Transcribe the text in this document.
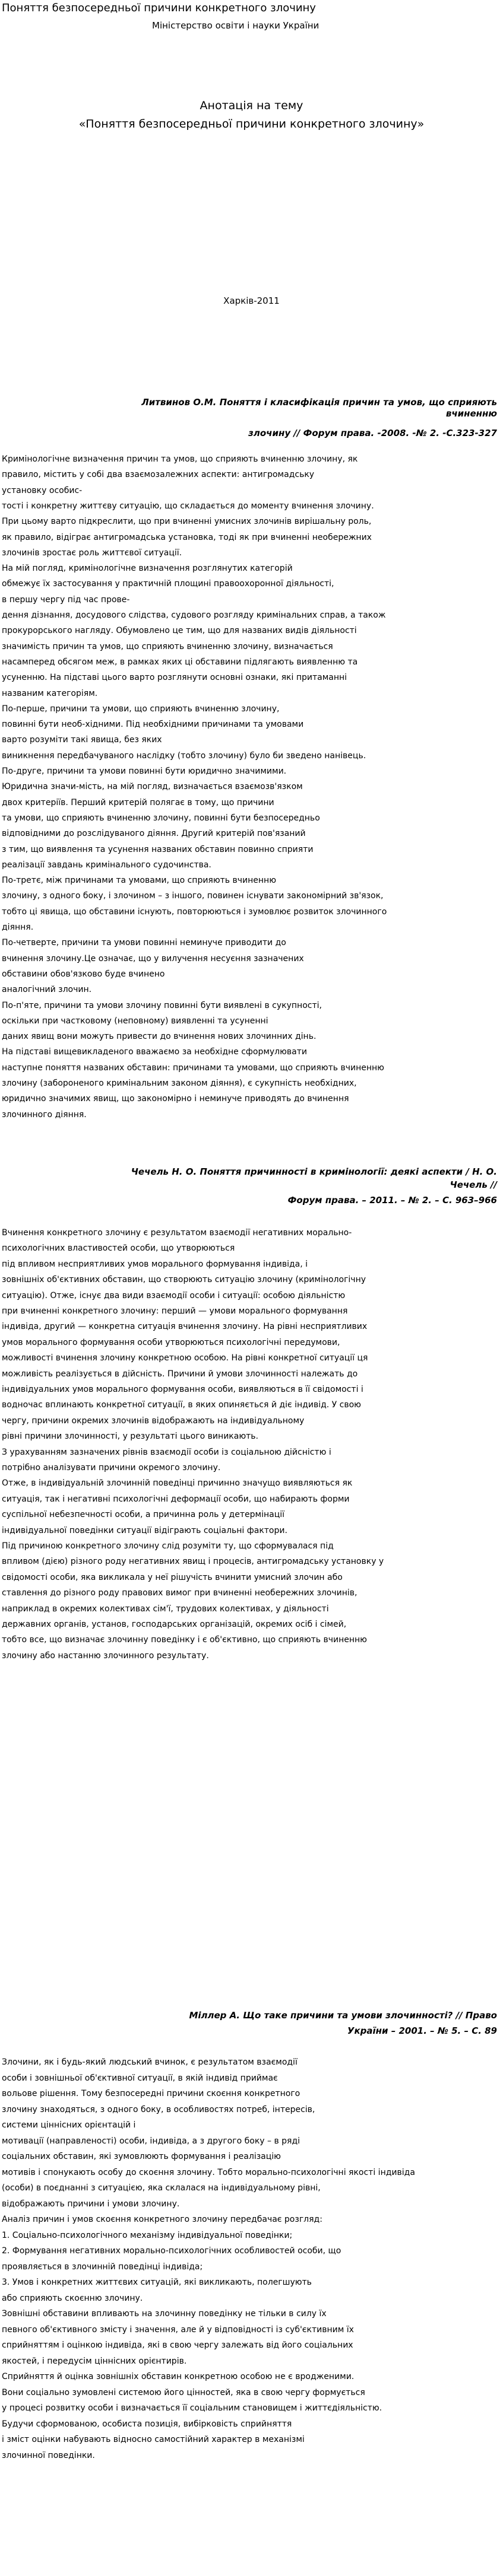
Поняття безпосередньої причини конкретного злочину
Міністерство освіти і науки України
Анотація на тему
«Поняття безпосередньої причини конкретного злочину»
Харків-2011
Литвинов О.М. Поняття і класифікація причин та умов, що сприяють
вчиненню
злочину // Форум права. -2008. -№ 2. -С.323-327
Кримінологічне визначення причин та умов, що сприяють вчиненню злочину, як
правило, містить у собі два взаємозалежних аспекти: антигромадську
установку особис-
тості і конкретну життєву ситуацію, що складається до моменту вчинення злочину.
При цьому варто підкреслити, що при вчиненні умисних злочинів вирішальну роль,
як правило, відіграє антигромадська установка, тоді як при вчиненні необережних
злочинів зростає роль життєвої ситуації.
На мій погляд, кримінологічне визначення розглянутих категорій
обмежує їх застосування у практичній площині правоохоронної діяльності,
в першу чергу під час прове-
дення дізнання, досудового слідства, судового розгляду кримінальних справ, а також
прокурорського нагляду. Обумовлено це тим, що для названих видів діяльності
значимість причин та умов, що сприяють вчиненню злочину, визначається
насамперед обсягом меж, в рамках яких ці обставини підлягають виявленню та
усуненню. На підставі цього варто розглянути основні ознаки, які притаманні
названим категоріям.
По-перше, причини та умови, що сприяють вчиненню злочину,
повинні бути необ-хідними. Під необхідними причинами та умовами
варто розуміти такі явища, без яких
виникнення передбачуваного наслідку (тобто злочину) було би зведено нанівець.
По-друге, причини та умови повинні бути юридично значимими.
Юридична значи-мість, на мій погляд, визначається взаємозв'язком
двох критеріїв. Перший критерій полягає в тому, що причини
та умови, що сприяють вчиненню злочину, повинні бути безпосередньо
відповідними до розслідуваного діяння. Другий критерій пов'язаний
з тим, що виявлення та усунення названих обставин повинно сприяти
реалізації завдань кримінального судочинства.
По-третє, між причинами та умовами, що сприяють вчиненню
злочину, з одного боку, і злочином – з іншого, повинен існувати закономірний зв'язок,
тобто ці явища, що обставини існують, повторюються і зумовлює розвиток злочинного
діяння.
По-четверте, причини та умови повинні неминуче приводити до
вчинення злочину.Це означає, що у вилучення несуєння зазначених
обставини обов'язково буде вчинено
аналогічний злочин.
По-п'яте, причини та умови злочину повинні бути виявлені в сукупності,
оскільки при частковому (неповному) виявленні та усуненні
даних явищ вони можуть привести до вчинення нових злочинних дінь.
На підставі вищевикладеного вважаємо за необхідне сформулювати
наступне поняття названих обставин: причинами та умовами, що сприяють вчиненню
злочину (забороненого кримінальним законом діяння), є сукупність необхідних,
юридично значимих явищ, що закономірно і неминуче приводять до вчинення
злочинного діяння.
Чечель Н. О. Поняття причинності в кримінології: деякі аспекти / Н. О.
Чечель //
Форум права. – 2011. – № 2. – С. 963–966
Вчинення конкретного злочину є результатом взаємодії негативних морально-
психологічних властивостей особи, що утворюються
під впливом несприятливих умов морального формування індивіда, і
зовнішніх об'єктивних обставин, що створюють ситуацію злочину (кримінологічну
ситуацію). Отже, існує два види взаємодії особи і ситуації: особою діяльністю
при вчиненні конкретного злочину: перший — умови морального формування
індивіда, другий — конкретна ситуація вчинення злочину. На рівні несприятливих
умов морального формування особи утворюються психологічні передумови,
можливості вчинення злочину конкретною особою. На рівні конкретної ситуації ця
можливість реалізується в дійсність. Причини й умови злочинності належать до
індивідуальних умов морального формування особи, виявляються в її свідомості і
водночас вплинають конкретної ситуації, в яких опиняється й діє індивід. У свою
чергу, причини окремих злочинів відображають на індивідуальному
рівні причини злочинності, у результаті цього виникають.
З урахуванням зазначених рівнів взаємодії особи із соціальною дійсністю і
потрібно аналізувати причини окремого злочину.
Отже, в індивідуальній злочинній поведінці причинно значущо виявляються як
ситуація, так і негативні психологічні деформації особи, що набирають форми
суспільної небезпечності особи, а причинна роль у детермінації
індивідуальної поведінки ситуації відіграють соціальні фактори.
Під причиною конкретного злочину слід розуміти ту, що сформувалася під
впливом (дією) різного роду негативних явищ і процесів, антигромадську установку у
свідомості особи, яка викликала у неї рішучість вчинити умисний злочин або
ставлення до різного роду правових вимог при вчиненні необережних злочинів,
наприклад в окремих колективах сім'ї, трудових колективах, у діяльності
державних органів, установ, господарських організацій, окремих осіб і сімей,
тобто все, що визначає злочинну поведінку і є об'єктивно, що сприяють вчиненню
злочину або настанню злочинного результату.
Міллер А. Що таке причини та умови злочинності? // Право
України – 2001. – № 5. – С. 89
Злочини, як і будь-який людський вчинок, є результатом взаємодії
особи і зовнішньої об'єктивної ситуації, в якій індивід приймає
вольове рішення. Тому безпосередні причини скоєння конкретного
злочину знаходяться, з одного боку, в особливостях потреб, інтересів,
системи ціннісних орієнтацій і
мотивації (направленості) особи, індивіда, а з другого боку – в ряді
соціальних обставин, які зумовлюють формування і реалізацію
мотивів і спонукають особу до скоєння злочину. Тобто морально-психологічні якості індивіда
(особи) в поєднанні з ситуацією, яка склалася на індивідуальному рівні,
відображають причини і умови злочину.
Аналіз причин і умов скоєння конкретного злочину передбачає розгляд:
1. Соціально-психологічного механізму індивідуальної поведінки;
2. Формування негативних морально-психологічних особливостей особи, що
проявляється в злочинній поведінці індивіда;
3. Умов і конкретних життєвих ситуацій, які викликають, полегшують
або сприяють скоєнню злочину.
Зовнішні обставини впливають на злочинну поведінку не тільки в силу їх
певного об'єктивного змісту і значення, але й у відповідності із суб'єктивним їх
сприйняттям і оцінкою індивіда, які в свою чергу залежать від його соціальних
якостей, і передусім ціннісних орієнтирів.
Сприйняття й оцінка зовнішніх обставин конкретною особою не є вродженими.
Вони соціально зумовлені системою його цінностей, яка в свою чергу формується
у процесі розвитку особи і визначається її соціальним становищем і життєдіяльністю.
Будучи сформованою, особиста позиція, вибірковість сприйняття
і зміст оцінки набувають відносно самостійний характер в механізмі
злочинної поведінки.
